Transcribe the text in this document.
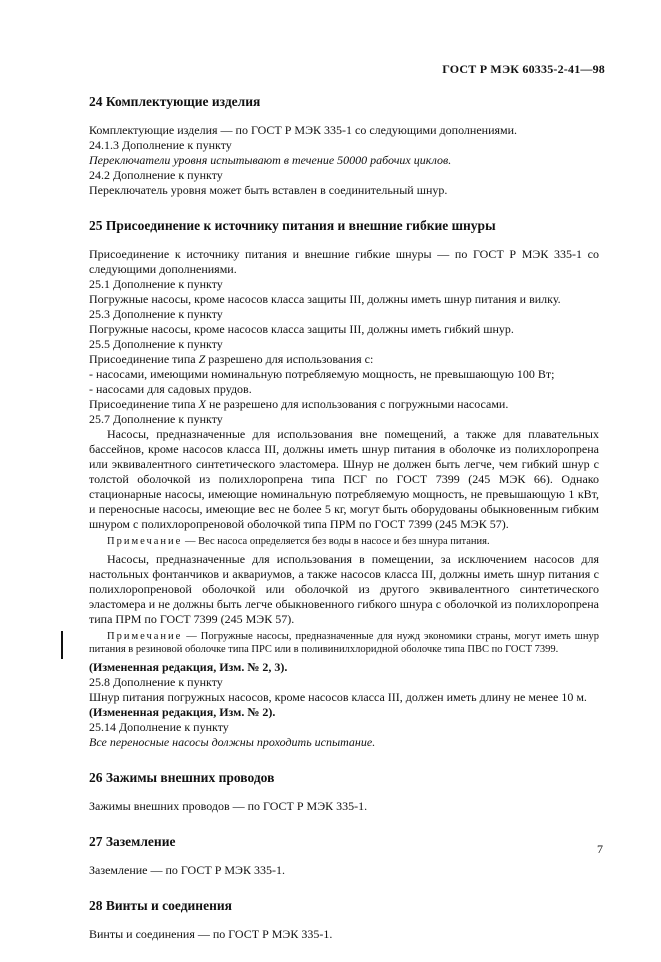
ГОСТ Р МЭК 60335-2-41—98
24 Комплектующие изделия

Комплектующие изделия — по ГОСТ Р МЭК 335-1 со следующими дополнениями.

24.1.3 Дополнение к пункту

Переключатели уровня испытывают в течение 50000 рабочих циклов.

24.2 Дополнение к пункту

Переключатель уровня может быть вставлен в соединительный шнур.

25 Присоединение к источнику питания и внешние гибкие шнуры

Присоединение к источнику питания и внешние гибкие шнуры — по ГОСТ Р МЭК 335-1 со следующими дополнениями.

25.1 Дополнение к пункту

Погружные насосы, кроме насосов класса защиты III, должны иметь шнур питания и вилку.

25.3 Дополнение к пункту

Погружные насосы, кроме насосов класса защиты III, должны иметь гибкий шнур.

25.5 Дополнение к пункту

Присоединение типа Z разрешено для использования с:

- насосами, имеющими номинальную потребляемую мощность, не превышающую 100 Вт;
- насосами для садовых прудов.

Присоединение типа X не разрешено для использования с погружными насосами.

25.7 Дополнение к пункту

Насосы, предназначенные для использования вне помещений, а также для плавательных бассейнов, кроме насосов класса III, должны иметь шнур питания в оболочке из полихлоропрена или эквивалентного синтетического эластомера. Шнур не должен быть легче, чем гибкий шнур с толстой оболочкой из полихлоропрена типа ПСГ по ГОСТ 7399 (245 МЭК 66). Однако стационарные насосы, имеющие номинальную потребляемую мощность, не превышающую 1 кВт, и переносные насосы, имеющие вес не более 5 кг, могут быть оборудованы обыкновенным гибким шнуром с полихлоропреновой оболочкой типа ПРМ по ГОСТ 7399 (245 МЭК 57).

Примечание — Вес насоса определяется без воды в насосе и без шнура питания.

Насосы, предназначенные для использования в помещении, за исключением насосов для настольных фонтанчиков и аквариумов, а также насосов класса III, должны иметь шнур питания с полихлоропреновой оболочкой или оболочкой из другого эквивалентного синтетического эластомера и не должны быть легче обыкновенного гибкого шнура с оболочкой из полихлоропрена типа ПРМ по ГОСТ 7399 (245 МЭК 57).

Примечание — Погружные насосы, предназначенные для нужд экономики страны, могут иметь шнур питания в резиновой оболочке типа ПРС или в поливинилхлоридной оболочке типа ПВС по ГОСТ 7399.

(Измененная редакция, Изм. № 2, 3).

25.8 Дополнение к пункту

Шнур питания погружных насосов, кроме насосов класса III, должен иметь длину не менее 10 м.

(Измененная редакция, Изм. № 2).

25.14 Дополнение к пункту

Все переносные насосы должны проходить испытание.

26 Зажимы внешних проводов

Зажимы внешних проводов — по ГОСТ Р МЭК 335-1.

27 Заземление

Заземление — по ГОСТ Р МЭК 335-1.

28 Винты и соединения

Винты и соединения — по ГОСТ Р МЭК 335-1.

7
